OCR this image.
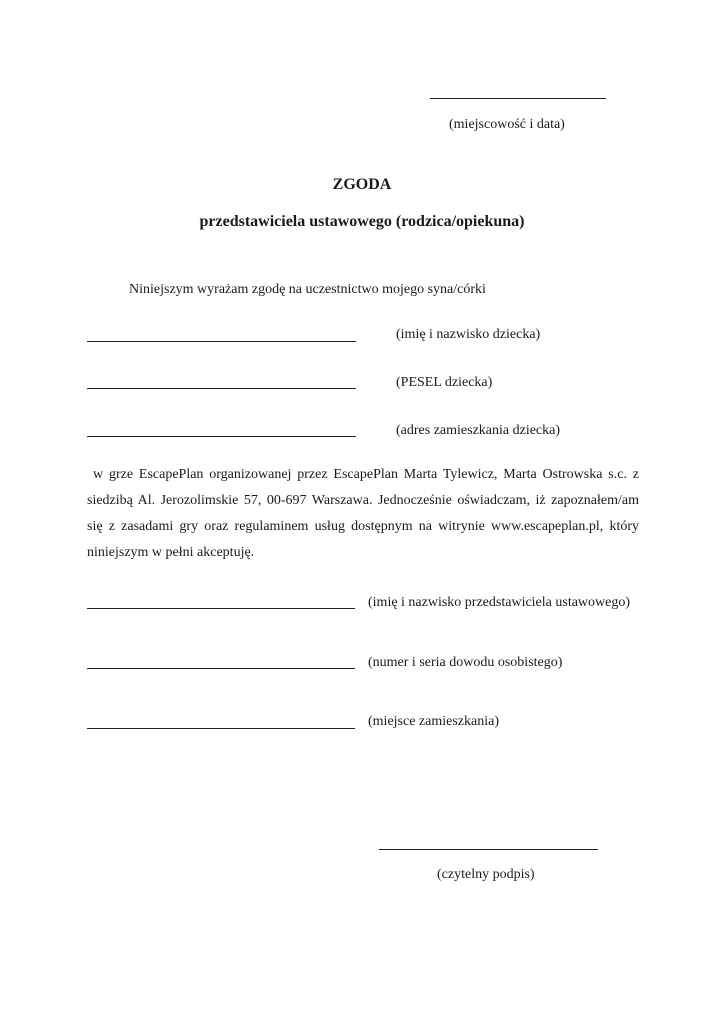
(miejscowość i data)
ZGODA
przedstawiciela ustawowego (rodzica/opiekuna)
Niniejszym wyrażam zgodę na uczestnictwo mojego syna/córki
(imię i nazwisko dziecka)
(PESEL dziecka)
(adres zamieszkania dziecka)
w grze EscapePlan organizowanej przez EscapePlan Marta Tylewicz, Marta Ostrowska s.c. z siedzibą Al. Jerozolimskie 57, 00-697 Warszawa. Jednocześnie oświadczam, iż zapoznałem/am się z zasadami gry oraz regulaminem usług dostępnym na witrynie www.escapeplan.pl, który niniejszym w pełni akceptuję.
(imię i nazwisko przedstawiciela ustawowego)
(numer i seria dowodu osobistego)
(miejsce zamieszkania)
(czytelny podpis)
